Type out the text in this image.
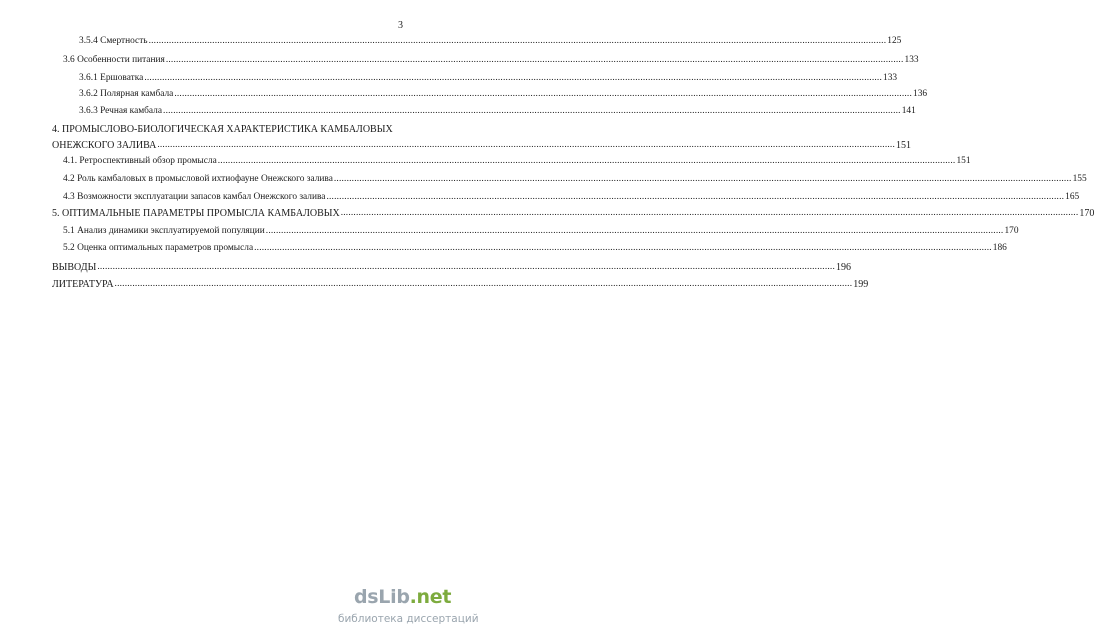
3
3.5.4 Смертность .....	125
3.6 Особенности питания .....	133
3.6.1 Ершоватка .....	133
3.6.2 Полярная камбала .....	136
3.6.3 Речная камбала .....	141
4. ПРОМЫСЛОВО-БИОЛОГИЧЕСКАЯ ХАРАКТЕРИСТИКА КАМБАЛОВЫХ
ОНЕЖСКОГО ЗАЛИВА .....	151
4.1. Ретроспективный обзор промысла .....	151
4.2 Роль камбаловых в промысловой ихтиофауне Онежского залива .....	155
4.3 Возможности эксплуатации запасов камбал Онежского залива .....	165
5. ОПТИМАЛЬНЫЕ ПАРАМЕТРЫ ПРОМЫСЛА КАМБАЛОВЫХ .....	170
5.1 Анализ динамики эксплуатируемой популяции .....	170
5.2 Оценка оптимальных параметров промысла .....	186
ВЫВОДЫ .....	196
ЛИТЕРАТУРА .....	199
dsLib.net
библиотека диссертаций
